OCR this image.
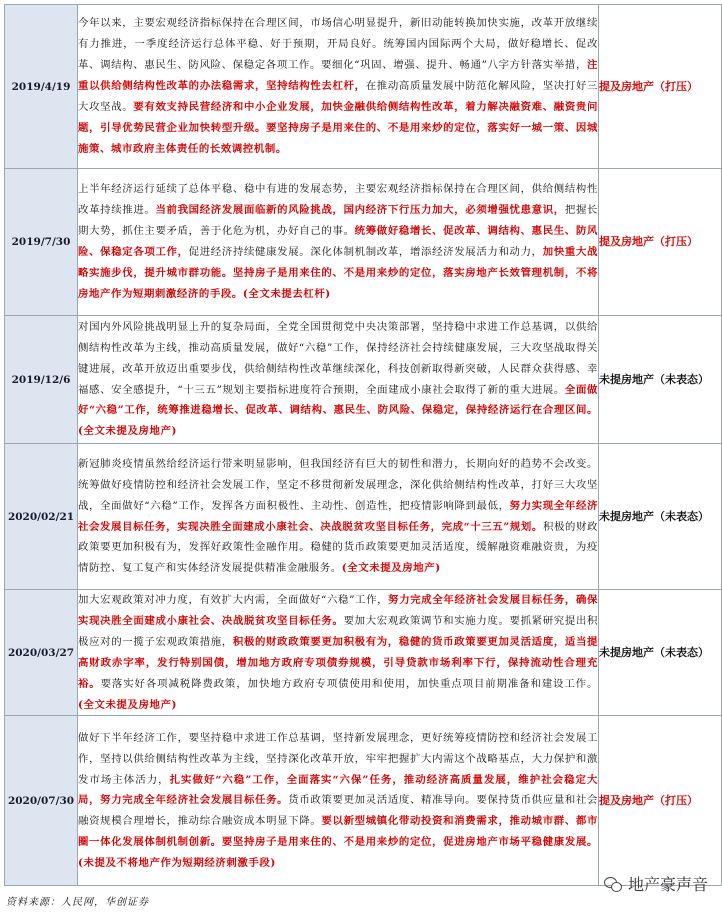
2019/4/19	今年以来，主要宏观经济指标保持在合理区间，市场信心明显提升，新旧动能转换加快实施，改革开放继续有力推进，一季度经济运行总体平稳、好于预期，开局良好。统筹国内国际两个大局，做好稳增长、促改革、调结构、惠民生、防风险、保稳定各项工作。要细化“巩固、增强、提升、畅通”八字方针落实举措，注重以供给侧结构性改革的办法稳需求，坚持结构性去杠杆，在推动高质量发展中防范化解风险，坚决打好三大攻坚战。要有效支持民营经济和中小企业发展，加快金融供给侧结构性改革，着力解决融资难、融资贵问题，引导优势民营企业加快转型升级。要坚持房子是用来住的、不是用来炒的定位，落实好一城一策、因城施策、城市政府主体责任的长效调控机制。	提及房地产（打压）
2019/7/30	上半年经济运行延续了总体平稳、稳中有进的发展态势，主要宏观经济指标保持在合理区间，供给侧结构性改革持续推进。当前我国经济发展面临新的风险挑战，国内经济下行压力加大，必须增强忧患意识，把握长期大势，抓住主要矛盾，善于化危为机，办好自己的事。统筹做好稳增长、促改革、调结构、惠民生、防风险、保稳定各项工作，促进经济持续健康发展。深化体制机制改革，增添经济发展活力和动力，加快重大战略实施步伐，提升城市群功能。坚持房子是用来住的、不是用来炒的定位，落实房地产长效管理机制，不将房地产作为短期刺激经济的手段。(全文未提去杠杆)	提及房地产（打压）
2019/12/6	对国内外风险挑战明显上升的复杂局面，全党全国贯彻党中央决策部署，坚持稳中求进工作总基调，以供给侧结构性改革为主线，推动高质量发展，做好“六稳”工作，保持经济社会持续健康发展，三大攻坚战取得关键进展，改革开放迈出重要步伐，供给侧结构性改革继续深化，科技创新取得新突破，人民群众获得感、幸福感、安全感提升，“十三五”规划主要指标进度符合预期，全面建成小康社会取得了新的重大进展。全面做好“六稳”工作，统筹推进稳增长、促改革、调结构、惠民生、防风险、保稳定，保持经济运行在合理区间。(全文未提及房地产)	未提房地产（未表态）
2020/02/21	新冠肺炎疫情虽然给经济运行带来明显影响，但我国经济有巨大的韧性和潜力，长期向好的趋势不会改变。统筹做好疫情防控和经济社会发展工作，坚定不移贯彻新发展理念，深化供给侧结构性改革，打好三大攻坚战，全面做好“六稳”工作，发挥各方面积极性、主动性、创造性，把疫情影响降到最低，努力实现全年经济社会发展目标任务，实现决胜全面建成小康社会、决战脱贫攻坚目标任务，完成“十三五”规划。积极的财政政策要更加积极有为，发挥好政策性金融作用。稳健的货币政策要更加灵活适度，缓解融资难融资贵，为疫情防控、复工复产和实体经济发展提供精准金融服务。(全文未提及房地产)	未提房地产（未表态）
2020/03/27	加大宏观政策对冲力度，有效扩大内需，全面做好“六稳”工作，努力完成全年经济社会发展目标任务，确保实现决胜全面建成小康社会、决战脱贫攻坚目标任务。要加大宏观政策调节和实施力度。要抓紧研究提出积极应对的一揽子宏观政策措施，积极的财政政策要更加积极有为，稳健的货币政策要更加灵活适度，适当提高财政赤字率，发行特别国债，增加地方政府专项债券规模，引导贷款市场利率下行，保持流动性合理充裕。要落实好各项减税降费政策，加快地方政府专项债使用和使用，加快重点项目前期准备和建设工作。(全文未提及房地产)	未提房地产（未表态）
2020/07/30	做好下半年经济工作，要坚持稳中求进工作总基调，坚持新发展理念，更好统筹疫情防控和经济社会发展工作，坚持以供给侧结构性改革为主线，坚持深化改革开放，牢牢把握扩大内需这个战略基点，大力保护和激发市场主体活力，扎实做好“六稳”工作，全面落实“六保”任务，推动经济高质量发展，维护社会稳定大局，努力完成全年经济社会发展目标任务。货币政策要更加灵活适度、精准导向。要保持货币供应量和社会融资规模合理增长，推动综合融资成本明显下降。要以新型城镇化带动投资和消费需求，推动城市群、都市圈一体化发展体制机制创新。要坚持房子是用来住的、不是用来炒的定位，促进房地产市场平稳健康发展。(未提及不将地产作为短期经济刺激手段)	提及房地产（打压）
资料来源：人民网，华创证券
地产豪声音
